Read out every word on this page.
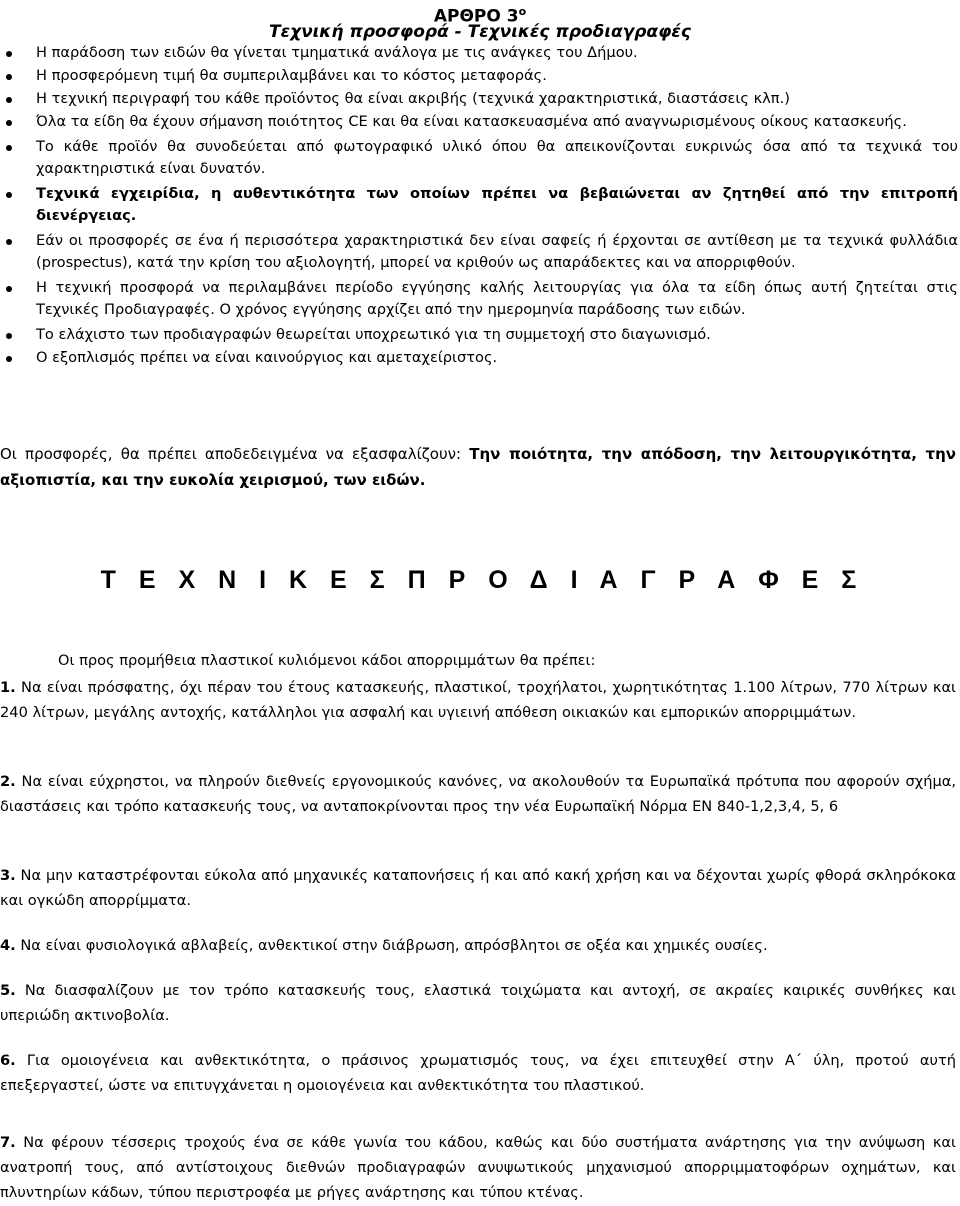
ΑΡΘΡΟ $3^o$
Τεχνική προσφορά - Τεχνικές προδιαγραφές
Η παράδοση των ειδών θα γίνεται τμηματικά ανάλογα με τις ανάγκες του Δήμου.
Η προσφερόμενη τιμή θα συμπεριλαμβάνει και το κόστος μεταφοράς.
Η τεχνική περιγραφή του κάθε προϊόντος θα είναι ακριβής (τεχνικά χαρακτηριστικά, διαστάσεις κλπ.)
Όλα τα είδη θα έχουν σήμανση ποιότητος CE και θα είναι κατασκευασμένα από αναγνωρισμένους οίκους κατασκευής.
Το κάθε προϊόν θα συνοδεύεται από φωτογραφικό υλικό όπου θα απεικονίζονται ευκρινώς όσα από τα τεχνικά του χαρακτηριστικά είναι δυνατόν.
Τεχνικά εγχειρίδια, η αυθεντικότητα των οποίων πρέπει να βεβαιώνεται αν ζητηθεί από την επιτροπή διενέργειας.
Εάν οι προσφορές σε ένα ή περισσότερα χαρακτηριστικά δεν είναι σαφείς ή έρχονται σε αντίθεση με τα τεχνικά φυλλάδια (prospectus), κατά την κρίση του αξιολογητή, μπορεί να κριθούν ως απαράδεκτες και να απορριφθούν.
Η τεχνική προσφορά να περιλαμβάνει περίοδο εγγύησης καλής λειτουργίας για όλα τα είδη όπως αυτή ζητείται στις Τεχνικές Προδιαγραφές. Ο χρόνος εγγύησης αρχίζει από την ημερομηνία παράδοσης των ειδών.
Το ελάχιστο των προδιαγραφών θεωρείται υποχρεωτικό για τη συμμετοχή στο διαγωνισμό.
Ο εξοπλισμός πρέπει να είναι καινούργιος και αμεταχείριστος.
Οι προσφορές, θα πρέπει αποδεδειγμένα να εξασφαλίζουν: Την ποιότητα, την απόδοση, την λειτουργικότητα, την αξιοπιστία, και την ευκολία χειρισμού, των ειδών.
Τ Ε Χ Ν Ι Κ Ε Σ Π Ρ Ο Δ Ι Α Γ Ρ Α Φ Ε Σ
Οι προς προμήθεια πλαστικοί κυλιόμενοι κάδοι απορριμμάτων θα πρέπει:
1. Να είναι πρόσφατης, όχι πέραν του έτους κατασκευής, πλαστικοί, τροχήλατοι, χωρητικότητας 1.100 λίτρων, 770 λίτρων και 240 λίτρων, μεγάλης αντοχής, κατάλληλοι για ασφαλή και υγιεινή απόθεση οικιακών και εμπορικών απορριμμάτων.
2. Να είναι εύχρηστοι, να πληρούν διεθνείς εργονομικούς κανόνες, να ακολουθούν τα Ευρωπαϊκά πρότυπα που αφορούν σχήμα, διαστάσεις και τρόπο κατασκευής τους, να ανταποκρίνονται προς την νέα Ευρωπαϊκή Νόρμα ΕΝ 840-1,2,3,4, 5, 6
3. Να μην καταστρέφονται εύκολα από μηχανικές καταπονήσεις ή και από κακή χρήση και να δέχονται χωρίς φθορά σκληρόκοκα και ογκώδη απορρίμματα.
4. Να είναι φυσιολογικά αβλαβείς, ανθεκτικοί στην διάβρωση, απρόσβλητοι σε οξέα και χημικές ουσίες.
5. Να διασφαλίζουν με τον τρόπο κατασκευής τους, ελαστικά τοιχώματα και αντοχή, σε ακραίες καιρικές συνθήκες και υπεριώδη ακτινοβολία.
6. Για ομοιογένεια και ανθεκτικότητα, ο πράσινος χρωματισμός τους, να έχει επιτευχθεί στην Α΄ ύλη, προτού αυτή επεξεργαστεί, ώστε να επιτυγχάνεται η ομοιογένεια και ανθεκτικότητα του πλαστικού.
7. Να φέρουν τέσσερις τροχούς ένα σε κάθε γωνία του κάδου, καθώς και δύο συστήματα ανάρτησης για την ανύψωση και ανατροπή τους, από αντίστοιχους διεθνών προδιαγραφών ανυψωτικούς μηχανισμού απορριμματοφόρων οχημάτων, και πλυντηρίων κάδων, τύπου περιστροφέα με ρήγες ανάρτησης και τύπου κτένας.
